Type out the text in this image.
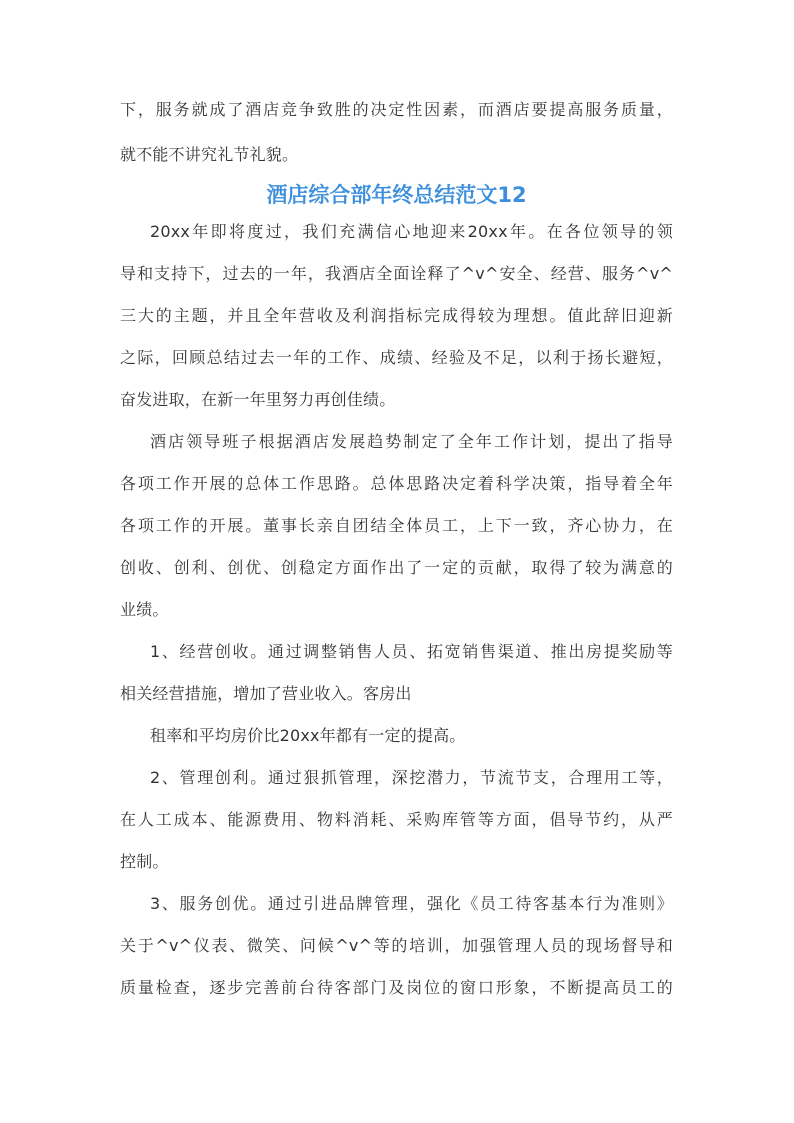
下，服务就成了酒店竞争致胜的决定性因素，而酒店要提高服务质量，

就不能不讲究礼节礼貌。

酒店综合部年终总结范文12

20xx年即将度过，我们充满信心地迎来20xx年。在各位领导的领

导和支持下，过去的一年，我酒店全面诠释了^v^安全、经营、服务^v^

三大的主题，并且全年营收及利润指标完成得较为理想。值此辞旧迎新

之际，回顾总结过去一年的工作、成绩、经验及不足，以利于扬长避短，

奋发进取，在新一年里努力再创佳绩。

酒店领导班子根据酒店发展趋势制定了全年工作计划，提出了指导

各项工作开展的总体工作思路。总体思路决定着科学决策，指导着全年

各项工作的开展。董事长亲自团结全体员工，上下一致，齐心协力，在

创收、创利、创优、创稳定方面作出了一定的贡献，取得了较为满意的

业绩。

1、经营创收。通过调整销售人员、拓宽销售渠道、推出房提奖励等

相关经营措施，增加了营业收入。客房出

租率和平均房价比20xx年都有一定的提高。

2、管理创利。通过狠抓管理，深挖潜力，节流节支，合理用工等，

在人工成本、能源费用、物料消耗、采购库管等方面，倡导节约，从严

控制。

3、服务创优。通过引进品牌管理，强化《员工待客基本行为准则》

关于^v^仪表、微笑、问候^v^等的培训，加强管理人员的现场督导和

质量检查，逐步完善前台待客部门及岗位的窗口形象，不断提高员工的
